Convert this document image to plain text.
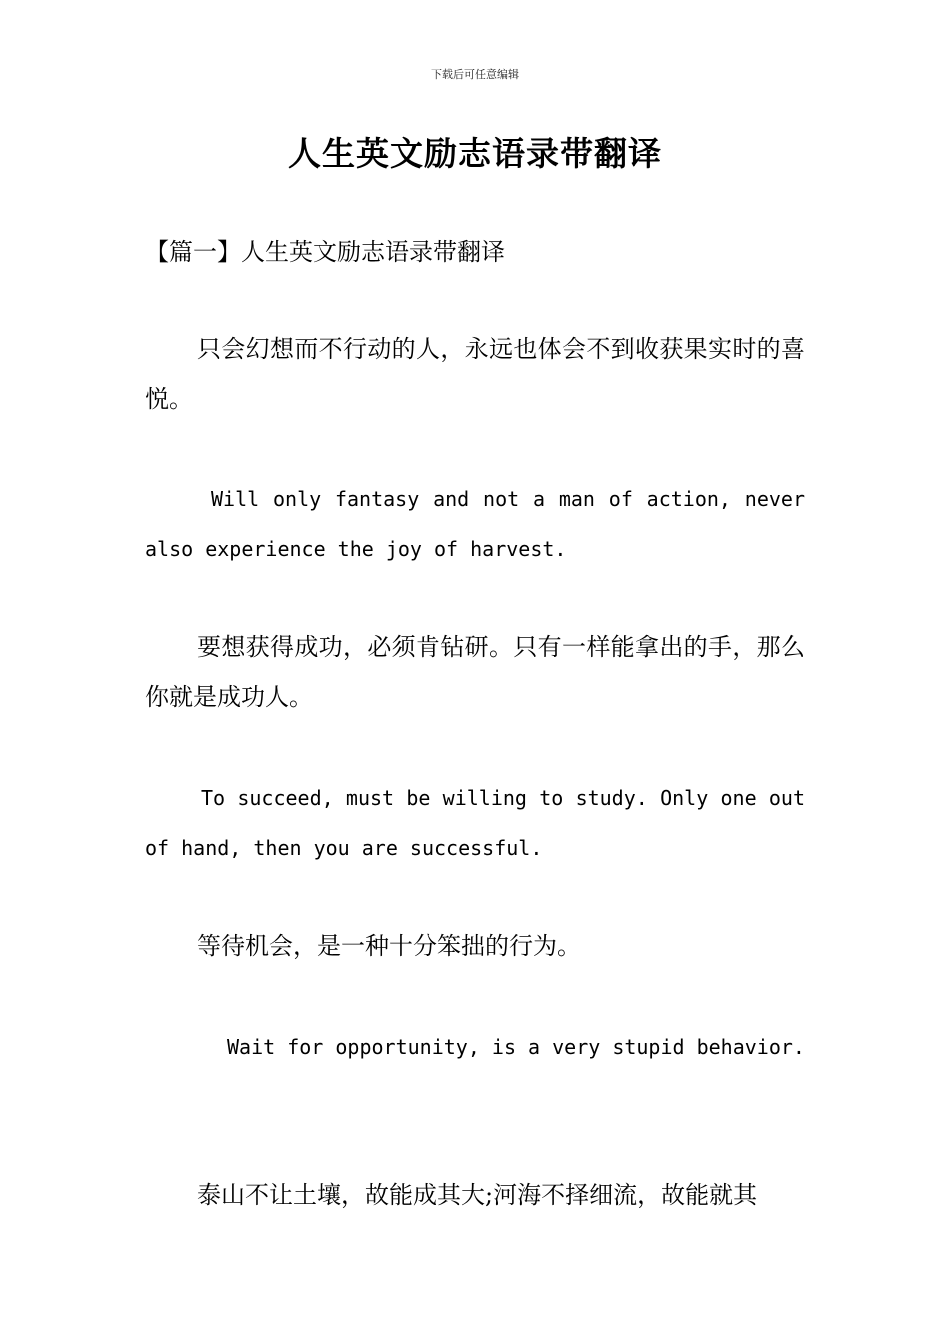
下载后可任意编辑
人生英文励志语录带翻译
【篇一】人生英文励志语录带翻译

只会幻想而不行动的人，永远也体会不到收获果实时的喜悦。

Will only fantasy and not a man of action, never also experience the joy of harvest.

要想获得成功，必须肯钻研。只有一样能拿出的手，那么你就是成功人。

To succeed, must be willing to study. Only one out of hand, then you are successful.

等待机会，是一种十分笨拙的行为。

Wait for opportunity, is a very stupid behavior.

泰山不让土壤，故能成其大;河海不择细流，故能就其
